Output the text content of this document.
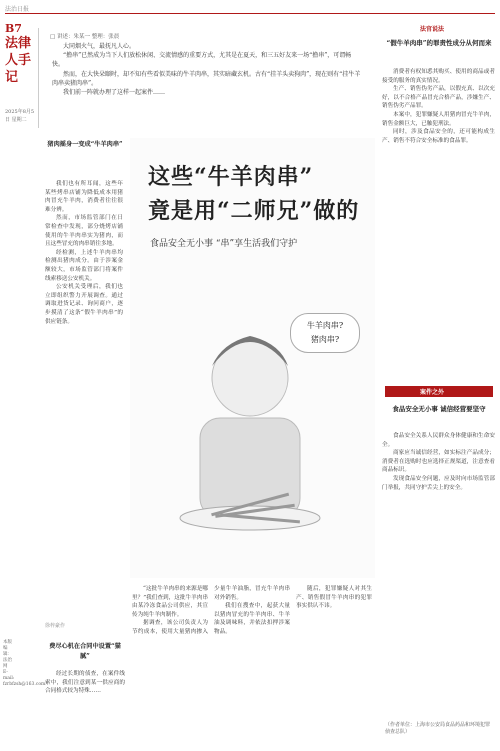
法治日报
B7
法律人手记
2025年8月5日 星期二
□ 讲述：朱某一 整理：张晨

大同烟火气，最抚凡人心。

“撸串”已然成为当下人们放松休闲、交流情感的重要方式，尤其是在夏天，和三五好友来一场“撸串”，可谓畅快。

然而，在大快朵颐时，却不知有些看似美味的牛羊肉串，其实暗藏玄机。古有“挂羊头卖狗肉”，现在则有“挂牛羊肉串卖猪肉串”。

我们前一阵就办理了这样一起案件……

猪肉摇身一变成“牛羊肉串”

我们也有所耳闻，这些年某些烤串店铺为降低成本用猪肉冒充牛羊肉，消费者往往很难分辨。

然而，市场监管部门在日常检查中发现，部分烧烤店铺使用的牛羊肉串实为猪肉，而且这些冒充的肉串销往多地。

经检测，上述牛羊肉串均检测出猪肉成分。由于涉案金额较大，市场监管部门将案件线索移送公安机关。

公安机关受理后，我们也立即组织警力开展调查。通过调取进货记录、询问商户，逐步摸清了这条“假牛羊肉串”的供应链条。

这些“牛羊肉串”
竟是用“二师兄”做的
食品安全无小事 “串”享生活我们守护
牛羊肉串?
猪肉串?

“这批牛羊肉串的来源是哪里？”我们查到，这批牛羊肉串由某冷冻食品公司供应，其宣传为纯牛羊肉制作。

据调查，该公司负责人为节约成本，使用大量猪肉掺入少量牛羊油脂，冒充牛羊肉串对外销售。

我们在搜查中，起获大量以猪肉冒充的牛羊肉串、牛羊油及调味料，并依法扣押涉案物品。

随后，犯罪嫌疑人对其生产、销售假冒牛羊肉串的犯罪事实供认不讳。

徐梓豪作
费尽心机在合同中设置“猫腻”

经过长期的侦查，在案件线索中，我们注意到某一供应商的合同格式较为特殊……

法官说法
“假牛羊肉串”的罪责性成分从何而来

消费者有权知悉其购买、使用的商品或者接受的服务的真实情况。

生产、销售伪劣产品，以假充真、以次充好，以不合格产品冒充合格产品，涉嫌生产、销售伪劣产品罪。

本案中，犯罪嫌疑人用猪肉冒充牛羊肉，销售金额巨大，已触犯刑法。

同时，涉及食品安全的，还可能构成生产、销售不符合安全标准的食品罪。

案件之外
食品安全无小事 诚信经营要坚守

食品安全关系人民群众身体健康和生命安全。

商家应当诚信经营，如实标注产品成分；消费者在选购时也应选择正规渠道，注意查看商品标识。

发现食品安全问题，应及时向市场监管部门举报，共同守护舌尖上的安全。

（作者单位：上海市公安局食品药品和环境犯罪侦查总队）
本版编辑：法治网 E-mail: fzrbfzsh@163.com
